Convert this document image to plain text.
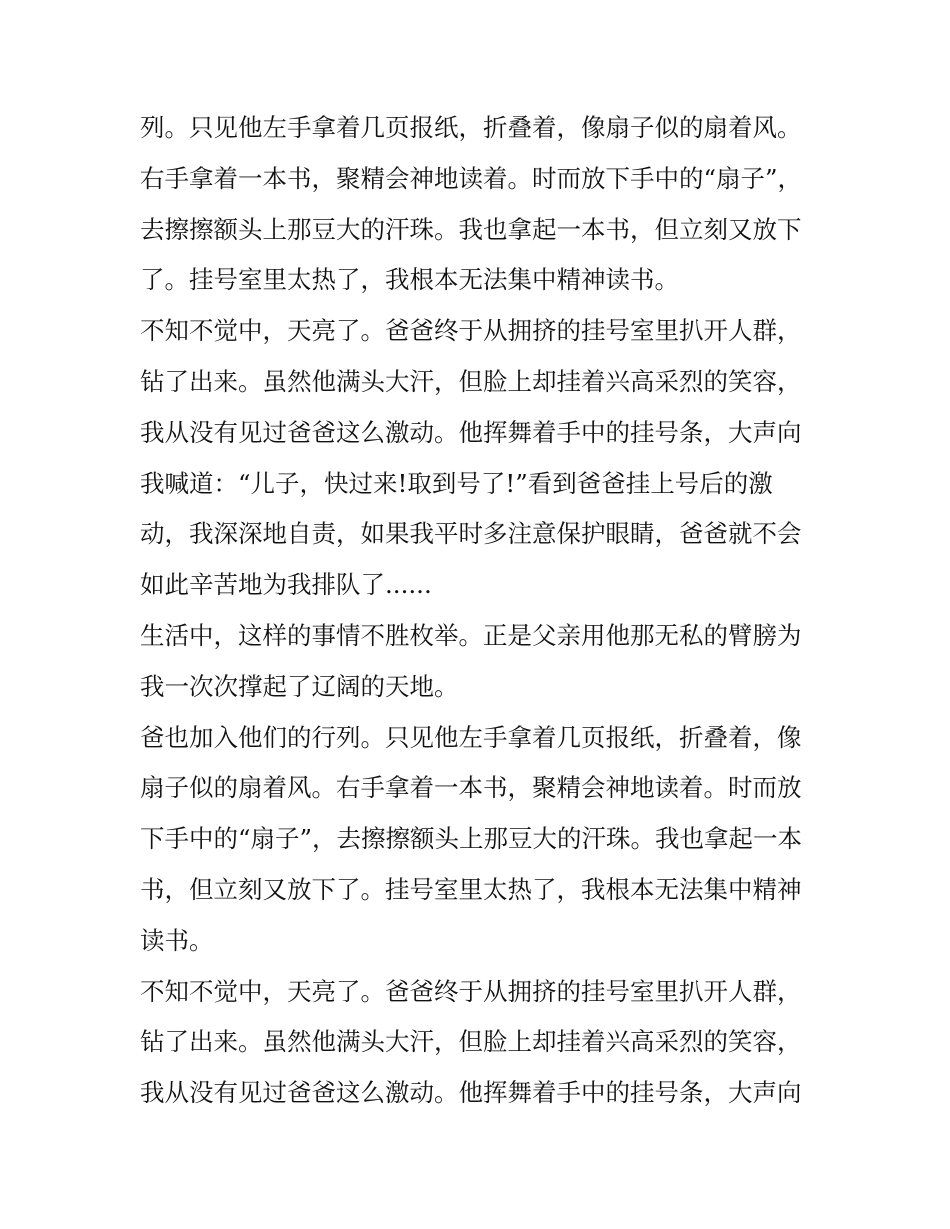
列。只见他左手拿着几页报纸，折叠着，像扇子似的扇着风。

右手拿着一本书，聚精会神地读着。时而放下手中的“扇子”，

去擦擦额头上那豆大的汗珠。我也拿起一本书，但立刻又放下

了。挂号室里太热了，我根本无法集中精神读书。

不知不觉中，天亮了。爸爸终于从拥挤的挂号室里扒开人群，

钻了出来。虽然他满头大汗，但脸上却挂着兴高采烈的笑容，

我从没有见过爸爸这么激动。他挥舞着手中的挂号条，大声向

我喊道：“儿子，快过来!取到号了!”看到爸爸挂上号后的激

动，我深深地自责，如果我平时多注意保护眼睛，爸爸就不会

如此辛苦地为我排队了......

生活中，这样的事情不胜枚举。正是父亲用他那无私的臂膀为

我一次次撑起了辽阔的天地。

爸也加入他们的行列。只见他左手拿着几页报纸，折叠着，像

扇子似的扇着风。右手拿着一本书，聚精会神地读着。时而放

下手中的“扇子”，去擦擦额头上那豆大的汗珠。我也拿起一本

书，但立刻又放下了。挂号室里太热了，我根本无法集中精神

读书。

不知不觉中，天亮了。爸爸终于从拥挤的挂号室里扒开人群，

钻了出来。虽然他满头大汗，但脸上却挂着兴高采烈的笑容，

我从没有见过爸爸这么激动。他挥舞着手中的挂号条，大声向
